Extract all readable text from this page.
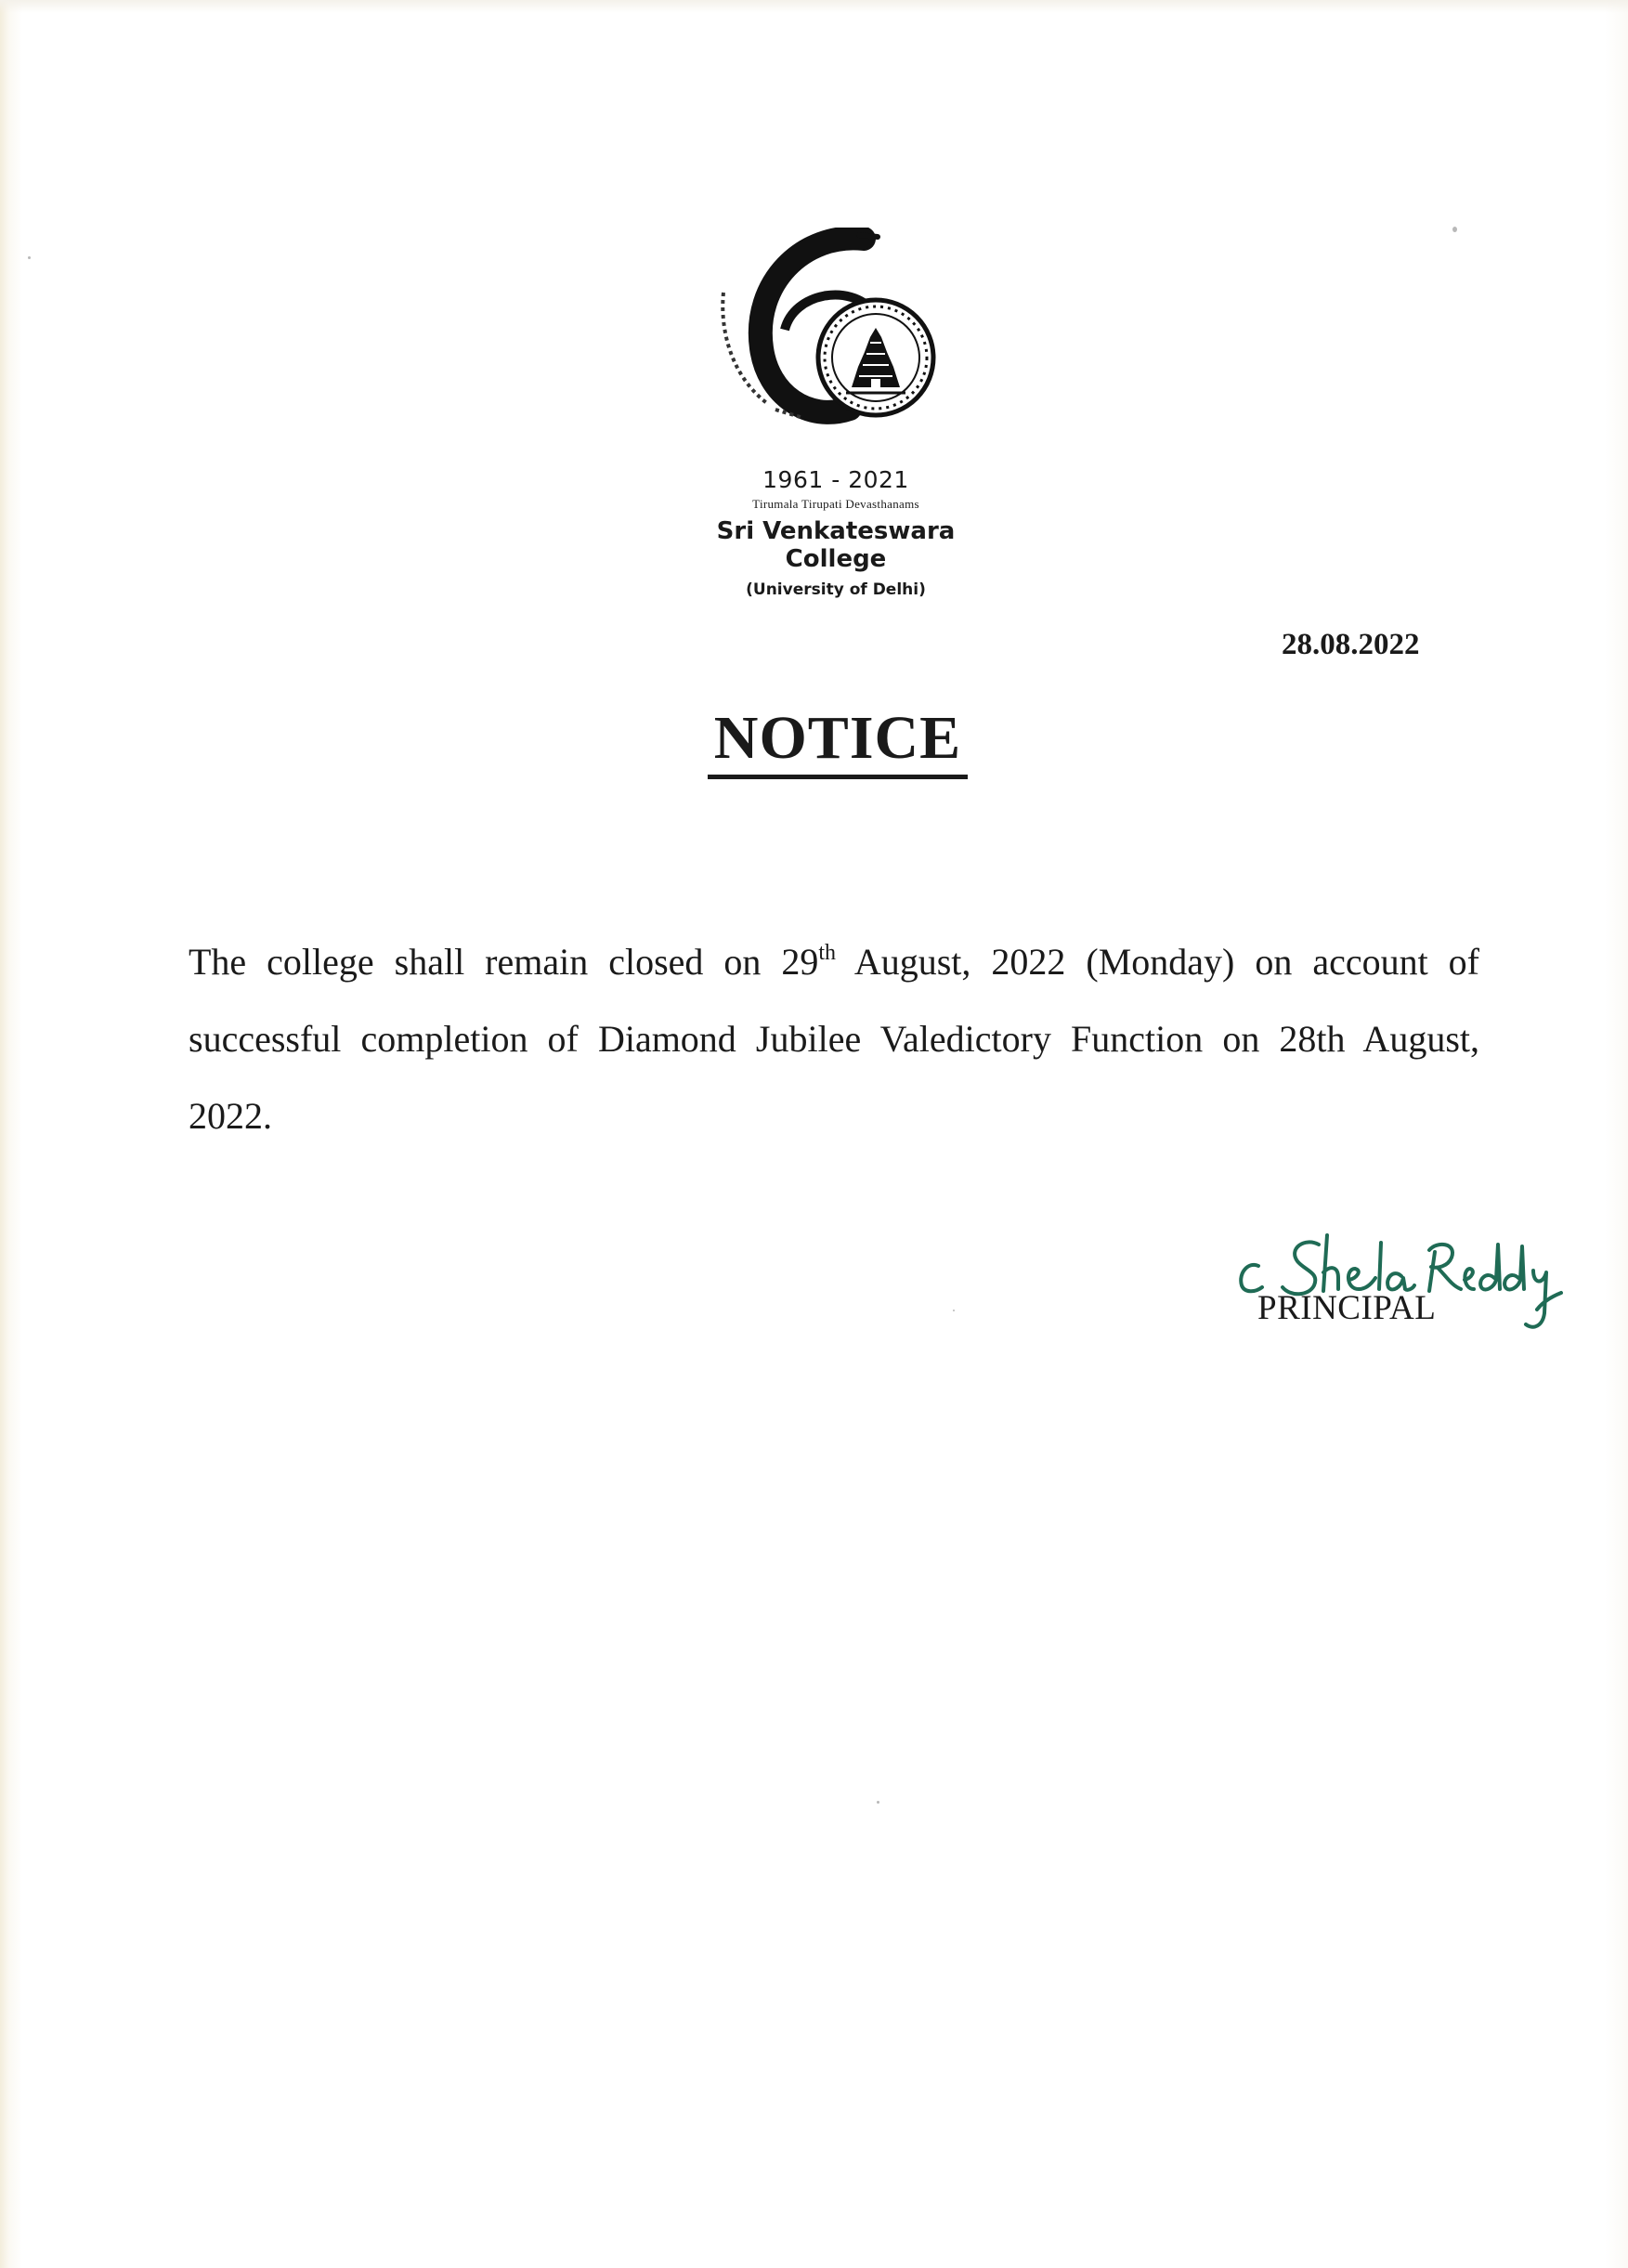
1961 - 2021
Tirumala Tirupati Devasthanams
Sri Venkateswara College
(University of Delhi)
28.08.2022
NOTICE
The college shall remain closed on 29th August, 2022 (Monday) on account of successful completion of Diamond Jubilee Valedictory Function on 28th August, 2022.
PRINCIPAL
